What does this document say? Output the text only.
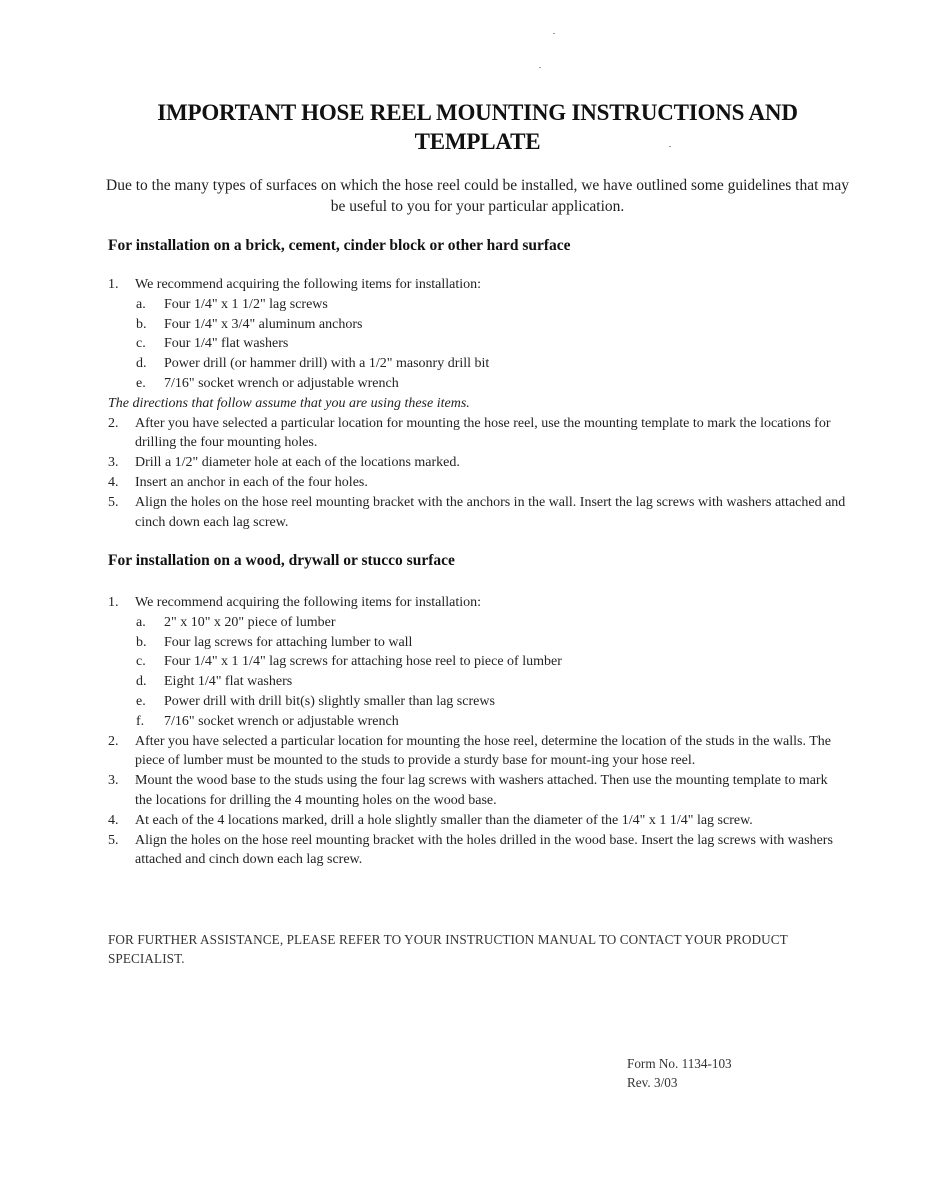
IMPORTANT HOSE REEL MOUNTING INSTRUCTIONS AND TEMPLATE
Due to the many types of surfaces on which the hose reel could be installed, we have outlined some guidelines that may be useful to you for your particular application.
For installation on a brick, cement, cinder block or other hard surface
1. We recommend acquiring the following items for installation:
a. Four 1/4" x 1 1/2" lag screws
b. Four 1/4" x 3/4" aluminum anchors
c. Four 1/4" flat washers
d. Power drill (or hammer drill) with a 1/2" masonry drill bit
e. 7/16" socket wrench or adjustable wrench
The directions that follow assume that you are using these items.
2. After you have selected a particular location for mounting the hose reel, use the mounting template to mark the locations for drilling the four mounting holes.
3. Drill a 1/2" diameter hole at each of the locations marked.
4. Insert an anchor in each of the four holes.
5. Align the holes on the hose reel mounting bracket with the anchors in the wall. Insert the lag screws with washers attached and cinch down each lag screw.
For installation on a wood, drywall or stucco surface
1. We recommend acquiring the following items for installation:
a. 2" x 10" x 20" piece of lumber
b. Four lag screws for attaching lumber to wall
c. Four 1/4" x 1 1/4" lag screws for attaching hose reel to piece of lumber
d. Eight 1/4" flat washers
e. Power drill with drill bit(s) slightly smaller than lag screws
f. 7/16" socket wrench or adjustable wrench
2. After you have selected a particular location for mounting the hose reel, determine the location of the studs in the walls. The piece of lumber must be mounted to the studs to provide a sturdy base for mount-ing your hose reel.
3. Mount the wood base to the studs using the four lag screws with washers attached. Then use the mounting template to mark the locations for drilling the 4 mounting holes on the wood base.
4. At each of the 4 locations marked, drill a hole slightly smaller than the diameter of the 1/4" x 1 1/4" lag screw.
5. Align the holes on the hose reel mounting bracket with the holes drilled in the wood base. Insert the lag screws with washers attached and cinch down each lag screw.
FOR FURTHER ASSISTANCE, PLEASE REFER TO YOUR INSTRUCTION MANUAL TO CONTACT YOUR PRODUCT SPECIALIST.
Form No. 1134-103
Rev. 3/03
